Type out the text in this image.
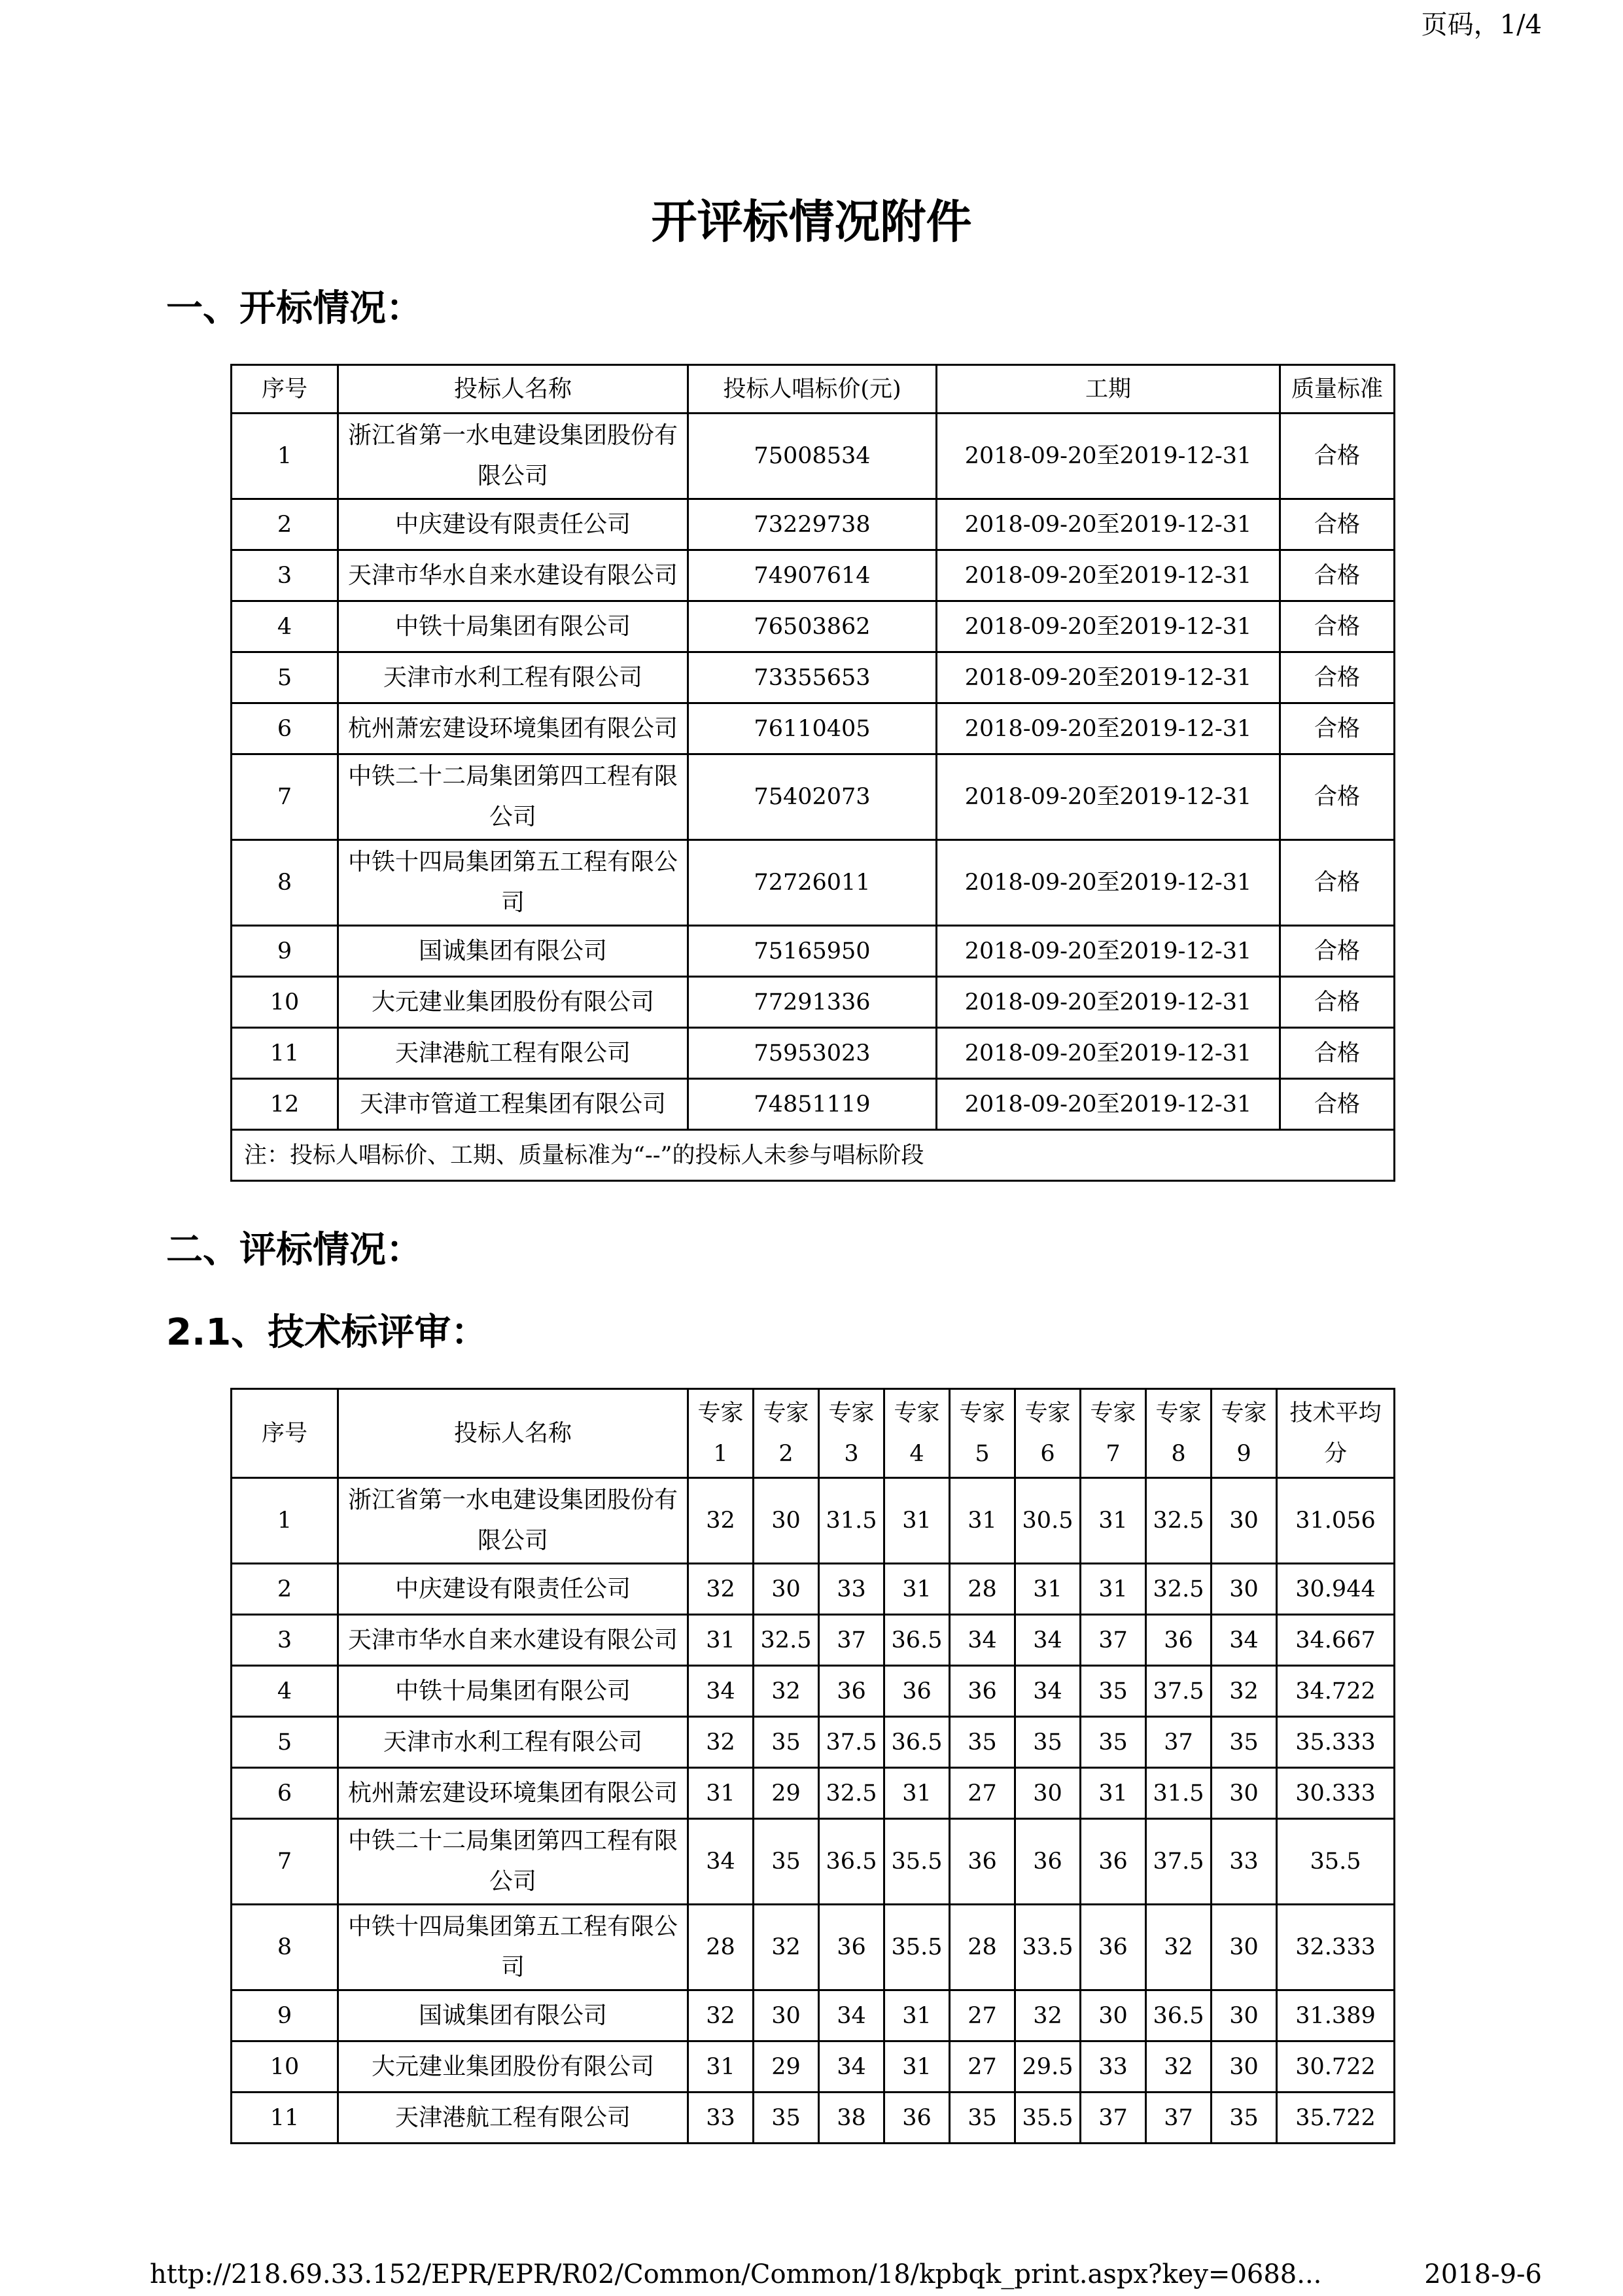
页码，1/4
开评标情况附件
一、开标情况：
序号	投标人名称	投标人唱标价(元)	工期	质量标准
1	浙江省第一水电建设集团股份有限公司	75008534	2018-09-20至2019-12-31	合格
2	中庆建设有限责任公司	73229738	2018-09-20至2019-12-31	合格
3	天津市华水自来水建设有限公司	74907614	2018-09-20至2019-12-31	合格
4	中铁十局集团有限公司	76503862	2018-09-20至2019-12-31	合格
5	天津市水利工程有限公司	73355653	2018-09-20至2019-12-31	合格
6	杭州萧宏建设环境集团有限公司	76110405	2018-09-20至2019-12-31	合格
7	中铁二十二局集团第四工程有限公司	75402073	2018-09-20至2019-12-31	合格
8	中铁十四局集团第五工程有限公司	72726011	2018-09-20至2019-12-31	合格
9	国诚集团有限公司	75165950	2018-09-20至2019-12-31	合格
10	大元建业集团股份有限公司	77291336	2018-09-20至2019-12-31	合格
11	天津港航工程有限公司	75953023	2018-09-20至2019-12-31	合格
12	天津市管道工程集团有限公司	74851119	2018-09-20至2019-12-31	合格
注：投标人唱标价、工期、质量标准为“--”的投标人未参与唱标阶段				
二、评标情况：
2.1、技术标评审：
序号	投标人名称	专家1	专家2	专家3	专家4	专家5	专家6	专家7	专家8	专家9	技术平均分
1	浙江省第一水电建设集团股份有限公司	32	30	31.5	31	31	30.5	31	32.5	30	31.056
2	中庆建设有限责任公司	32	30	33	31	28	31	31	32.5	30	30.944
3	天津市华水自来水建设有限公司	31	32.5	37	36.5	34	34	37	36	34	34.667
4	中铁十局集团有限公司	34	32	36	36	36	34	35	37.5	32	34.722
5	天津市水利工程有限公司	32	35	37.5	36.5	35	35	35	37	35	35.333
6	杭州萧宏建设环境集团有限公司	31	29	32.5	31	27	30	31	31.5	30	30.333
7	中铁二十二局集团第四工程有限公司	34	35	36.5	35.5	36	36	36	37.5	33	35.5
8	中铁十四局集团第五工程有限公司	28	32	36	35.5	28	33.5	36	32	30	32.333
9	国诚集团有限公司	32	30	34	31	27	32	30	36.5	30	31.389
10	大元建业集团股份有限公司	31	29	34	31	27	29.5	33	32	30	30.722
11	天津港航工程有限公司	33	35	38	36	35	35.5	37	37	35	35.722
http://218.69.33.152/EPR/EPR/R02/Common/Common/18/kpbqk_print.aspx?key=0688...	2018-9-6
